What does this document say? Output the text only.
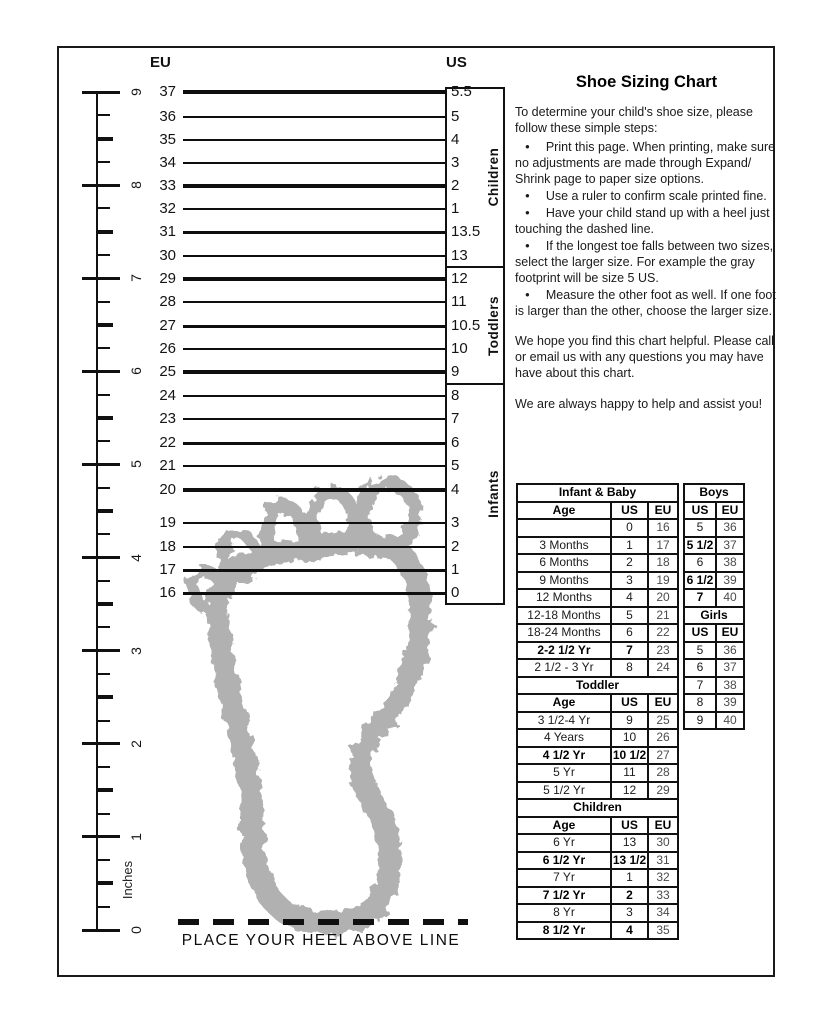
EU	US
9
8
7
6
5
4
3
2
1
0
Inches
37	5.5
36	5
35	4
34	3
33	2
32	1
31	13.5
30	13
29	12
28	11
27	10.5
26	10
25	9
24	8
23	7
22	6
21	5
20	4
19	3
18	2
17	1
16	0
Children
Toddlers
Infants
PLACE YOUR HEEL ABOVE LINE
Shoe Sizing Chart

To determine your child's shoe size, please follow these simple steps:

● Print this page. When printing, make sure no adjustments are made through Expand/ Shrink page to paper size options.

● Use a ruler to confirm scale printed fine.

● Have your child stand up with a heel just touching the dashed line.

● If the longest toe falls between two sizes, select the larger size. For example the gray footprint will be size 5 US.

● Measure the other foot as well. If one foot is larger than the other, choose the larger size.

We hope you find this chart helpful. Please call or email us with any questions you may have have about this chart.

We are always happy to help and assist you!

Infant & Baby		
Age	US	EU
	0	16
3 Months	1	17
6 Months	2	18
9 Months	3	19
12 Months	4	20
12-18 Months	5	21
18-24 Months	6	22
2-2 1/2 Yr	7	23
2 1/2 - 3 Yr	8	24
Toddler		
Age	US	EU
3 1/2-4 Yr	9	25
4 Years	10	26
4 1/2 Yr	10 1/2	27
5 Yr	11	28
5 1/2 Yr	12	29
Children		
Age	US	EU
6 Yr	13	30
6 1/2 Yr	13 1/2	31
7 Yr	1	32
7 1/2 Yr	2	33
8 Yr	3	34
8 1/2 Yr	4	35
Boys	
US	EU
5	36
5 1/2	37
6	38
6 1/2	39
7	40
Girls	
US	EU
5	36
6	37
7	38
8	39
9	40
